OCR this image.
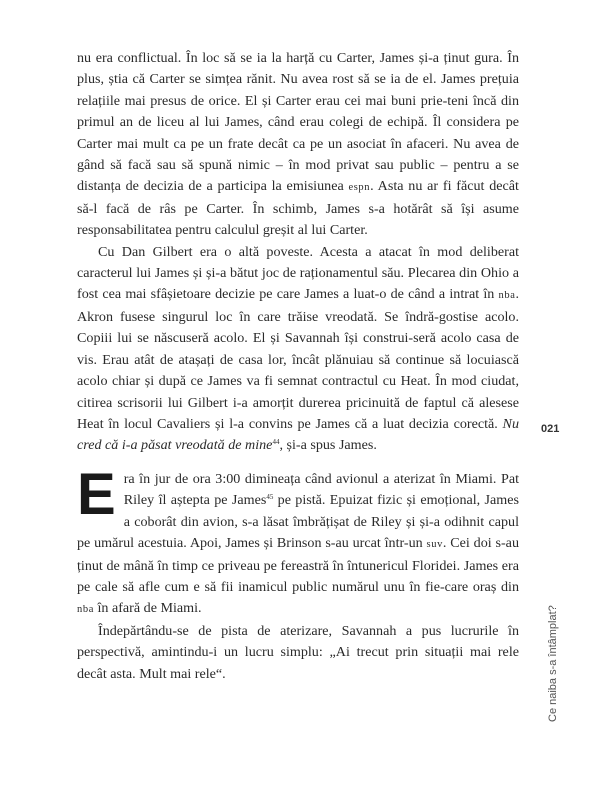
nu era conflictual. În loc să se ia la harță cu Carter, James și-a ținut gura. În plus, știa că Carter se simțea rănit. Nu avea rost să se ia de el. James prețuia relațiile mai presus de orice. El și Carter erau cei mai buni prie-teni încă din primul an de liceu al lui James, când erau colegi de echipă. Îl considera pe Carter mai mult ca pe un frate decât ca pe un asociat în afaceri. Nu avea de gând să facă sau să spună nimic – în mod privat sau public – pentru a se distanța de decizia de a participa la emisiunea espn. Asta nu ar fi făcut decât să-l facă de râs pe Carter. În schimb, James s-a hotărât să își asume responsabilitatea pentru calculul greșit al lui Carter.

Cu Dan Gilbert era o altă poveste. Acesta a atacat în mod deliberat caracterul lui James și și-a bătut joc de raționamentul său. Plecarea din Ohio a fost cea mai sfâșietoare decizie pe care James a luat-o de când a intrat în nba. Akron fusese singurul loc în care trăise vreodată. Se îndră-gostise acolo. Copiii lui se născuseră acolo. El și Savannah își construi-seră acolo casa de vis. Erau atât de atașați de casa lor, încât plănuiau să continue să locuiască acolo chiar și după ce James va fi semnat contractul cu Heat. În mod ciudat, citirea scrisorii lui Gilbert i-a amorțit durerea pricinuită de faptul că alesese Heat în locul Cavaliers și l-a convins pe James că a luat decizia corectă. Nu cred că i-a păsat vreodată de mine$^{44}$, și-a spus James.

Era în jur de ora 3:00 dimineața când avionul a aterizat în Miami. Pat Riley îl aștepta pe James$^{45}$ pe pistă. Epuizat fizic și emoțional, James a coborât din avion, s-a lăsat îmbrățișat de Riley și și-a odihnit capul pe umărul acestuia. Apoi, James și Brinson s-au urcat într-un suv. Cei doi s-au ținut de mână în timp ce priveau pe fereastră în întunericul Floridei. James era pe cale să afle cum e să fii inamicul public numărul unu în fie-care oraș din nba în afară de Miami.

Îndepărtându-se de pista de aterizare, Savannah a pus lucrurile în perspectivă, amintindu-i un lucru simplu: „Ai trecut prin situații mai rele decât asta. Mult mai rele“.

021
Ce naiba s-a întâmplat?
